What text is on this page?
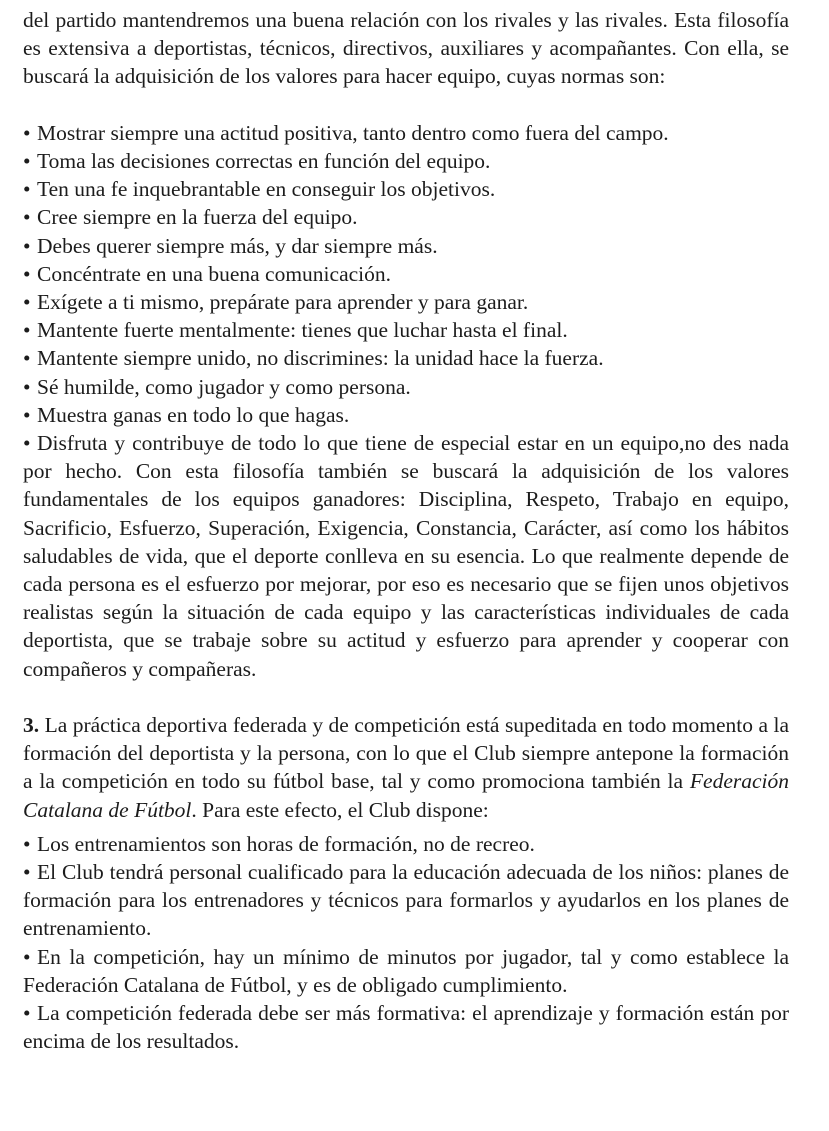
del partido mantendremos una buena relación con los rivales y las rivales. Esta filosofía es extensiva a deportistas, técnicos, directivos, auxiliares y acompañantes. Con ella, se buscará la adquisición de los valores para hacer equipo, cuyas normas son:

• Mostrar siempre una actitud positiva, tanto dentro como fuera del campo.
• Toma las decisiones correctas en función del equipo.
• Ten una fe inquebrantable en conseguir los objetivos.
• Cree siempre en la fuerza del equipo.
• Debes querer siempre más, y dar siempre más.
• Concéntrate en una buena comunicación.
• Exígete a ti mismo, prepárate para aprender y para ganar.
• Mantente fuerte mentalmente: tienes que luchar hasta el final.
• Mantente siempre unido, no discrimines: la unidad hace la fuerza.
• Sé humilde, como jugador y como persona.
• Muestra ganas en todo lo que hagas.
• Disfruta y contribuye de todo lo que tiene de especial estar en un equipo,no des nada por hecho. Con esta filosofía también se buscará la adquisición de los valores fundamentales de los equipos ganadores: Disciplina, Respeto, Trabajo en equipo, Sacrificio, Esfuerzo, Superación, Exigencia, Constancia, Carácter, así como los hábitos saludables de vida, que el deporte conlleva en su esencia. Lo que realmente depende de cada persona es el esfuerzo por mejorar, por eso es necesario que se fijen unos objetivos realistas según la situación de cada equipo y las características individuales de cada deportista, que se trabaje sobre su actitud y esfuerzo para aprender y cooperar con compañeros y compañeras.

3. La práctica deportiva federada y de competición está supeditada en todo momento a la formación del deportista y la persona, con lo que el Club siempre antepone la formación a la competición en todo su fútbol base, tal y como promociona también la Federación Catalana de Fútbol. Para este efecto, el Club dispone:

• Los entrenamientos son horas de formación, no de recreo.
• El Club tendrá personal cualificado para la educación adecuada de los niños: planes de formación para los entrenadores y técnicos para formarlos y ayudarlos en los planes de entrenamiento.
• En la competición, hay un mínimo de minutos por jugador, tal y como establece la Federación Catalana de Fútbol, y es de obligado cumplimiento.
• La competición federada debe ser más formativa: el aprendizaje y formación están por encima de los resultados.
